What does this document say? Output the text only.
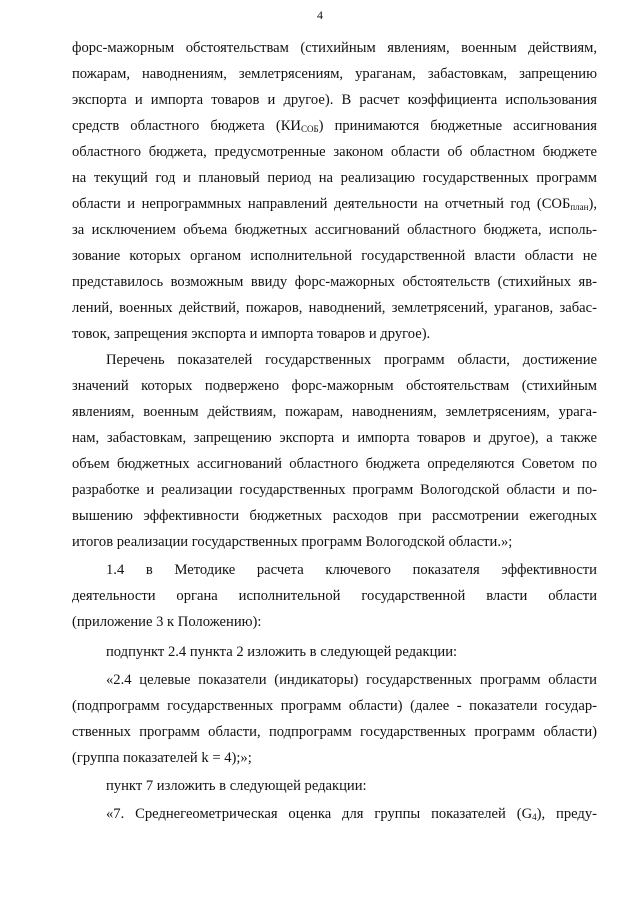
4
форс-мажорным обстоятельствам (стихийным явлениям, военным действиям,
пожарам, наводнениям, землетрясениям, ураганам, забастовкам, запрещению
экспорта и импорта товаров и другое). В расчет коэффициента использования
средств областного бюджета $(КИ_{СОБ})$ принимаются бюджетные ассигнования
областного бюджета, предусмотренные законом области об областном бюджете
на текущий год и плановый период на реализацию государственных программ
области и непрограммных направлений деятельности на отчетный год $(СОБ_{план})$,
за исключением объема бюджетных ассигнований областного бюджета, исполь-
зование которых органом исполнительной государственной власти области не
представилось возможным ввиду форс-мажорных обстоятельств (стихийных яв-
лений, военных действий, пожаров, наводнений, землетрясений, ураганов, забас-
товок, запрещения экспорта и импорта товаров и другое).
Перечень показателей государственных программ области, достижение
значений которых подвержено форс-мажорным обстоятельствам (стихийным
явлениям, военным действиям, пожарам, наводнениям, землетрясениям, урага-
нам, забастовкам, запрещению экспорта и импорта товаров и другое), а также
объем бюджетных ассигнований областного бюджета определяются Советом по
разработке и реализации государственных программ Вологодской области и по-
вышению эффективности бюджетных расходов при рассмотрении ежегодных
итогов реализации государственных программ Вологодской области.»;
1.4 в Методике расчета ключевого показателя эффективности
деятельности органа исполнительной государственной власти области
(приложение 3 к Положению):
подпункт 2.4 пункта 2 изложить в следующей редакции:
«2.4 целевые показатели (индикаторы) государственных программ области
(подпрограмм государственных программ области) (далее - показатели государ-
ственных программ области, подпрограмм государственных программ области)
(группа показателей k = 4);»;
пункт 7 изложить в следующей редакции:
«7. Среднегеометрическая оценка для группы показателей $(G_4)$, преду-
